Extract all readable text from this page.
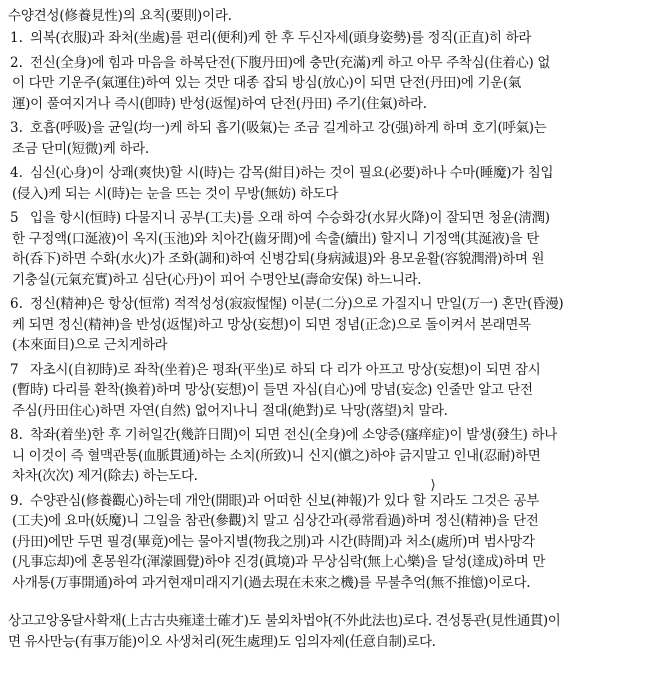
수양견성(修養見性)의 요칙(要則)이라.
1. 의복(衣服)과 좌처(坐處)를 편리(便利)케 한 후 두신자세(頭身姿勢)를 정직(正直)히 하라
2. 전신(全身)에 힘과 마음을 하복단전(下腹丹田)에 충만(充滿)케 하고 아무 주착심(住着心) 없
이 다만 기운주(氣運住)하여 있는 것만 대종 잡되 방심(放心)이 되면 단전(丹田)에 기운(氣
運)이 풀여지거나 즉시(卽時) 반성(返惺)하여 단전(丹田) 주기(住氣)하라.
3. 호흡(呼吸)을 균일(均一)케 하되 흡기(吸氣)는 조금 길게하고 강(强)하게 하며 호기(呼氣)는
조금 단미(短微)케 하라.
4. 심신(心身)이 상쾌(爽快)할 시(時)는 감목(紺目)하는 것이 필요(必要)하나 수마(睡魔)가 침입
(侵入)케 되는 시(時)는 눈을 뜨는 것이 무방(無妨) 하도다
5 입을 항시(恒時) 다물지니 공부(工夫)를 오래 하여 수승화강(水昇火降)이 잘되면 청윤(淸潤)
한 구정액(口涎液)이 옥지(玉池)와 치아간(齒牙間)에 속출(續出) 할지니 기정액(其涎液)을 탄
하(呑下)하면 수화(水火)가 조화(調和)하여 신병감퇴(身病減退)와 용모윤활(容貌潤滑)하며 원
기충실(元氣充實)하고 심단(心丹)이 피어 수명안보(壽命安保) 하느니라.
6. 정신(精神)은 항상(恒常) 적적성성(寂寂惺惺) 이분(二分)으로 가질지니 만일(万一) 혼만(昏漫)
케 되면 정신(精神)을 반성(返惺)하고 망상(妄想)이 되면 정념(正念)으로 돌이켜서 본래면목
(本來面目)으로 근치게하라
7 자초시(自初時)로 좌착(坐着)은 평좌(平坐)로 하되 다 리가 아프고 망상(妄想)이 되면 잠시
(暫時) 다리를 환착(換着)하며 망상(妄想)이 들면 자심(自心)에 망념(妄念) 인줄만 알고 단전
주심(丹田住心)하면 자연(自然) 없어지나니 절대(絶對)로 낙망(落望)치 말라.
8. 착좌(着坐)한 후 기허일간(幾許日間)이 되면 전신(全身)에 소양증(瘙痒症)이 발생(發生) 하나
니 이것이 즉 혈맥관통(血脈貫通)하는 소치(所致)니 신지(愼之)하야 긁지말고 인내(忍耐)하면
차차(次次) 제거(除去) 하는도다.
9. 수양관심(修養觀心)하는데 개안(開眼)과 어떠한 신보(神報)가 있다 할 지라도 그것은 공부
(工夫)에 요마(妖魔)니 그일을 참관(參觀)치 말고 심상간과(尋常看過)하며 정신(精神)을 단전
(丹田)에만 두면 필경(畢竟)에는 물아지별(物我之別)과 시간(時間)과 처소(處所)며 범사망각
(凡事忘却)에 혼몽원각(渾濛圓覺)하야 진경(眞境)과 무상심락(無上心樂)을 달성(達成)하며 만
사개통(万事開通)하여 과거현재미래지기(過去現在未來之機)를 무불추억(無不推憶)이로다.
상고고앙옹달사확재(上古古央雍達士確才)도 불외차법야(不外此法也)로다. 견성통관(見性通貫)이
면 유사만능(有事万能)이오 사생처리(死生處理)도 임의자제(任意自制)로다.
